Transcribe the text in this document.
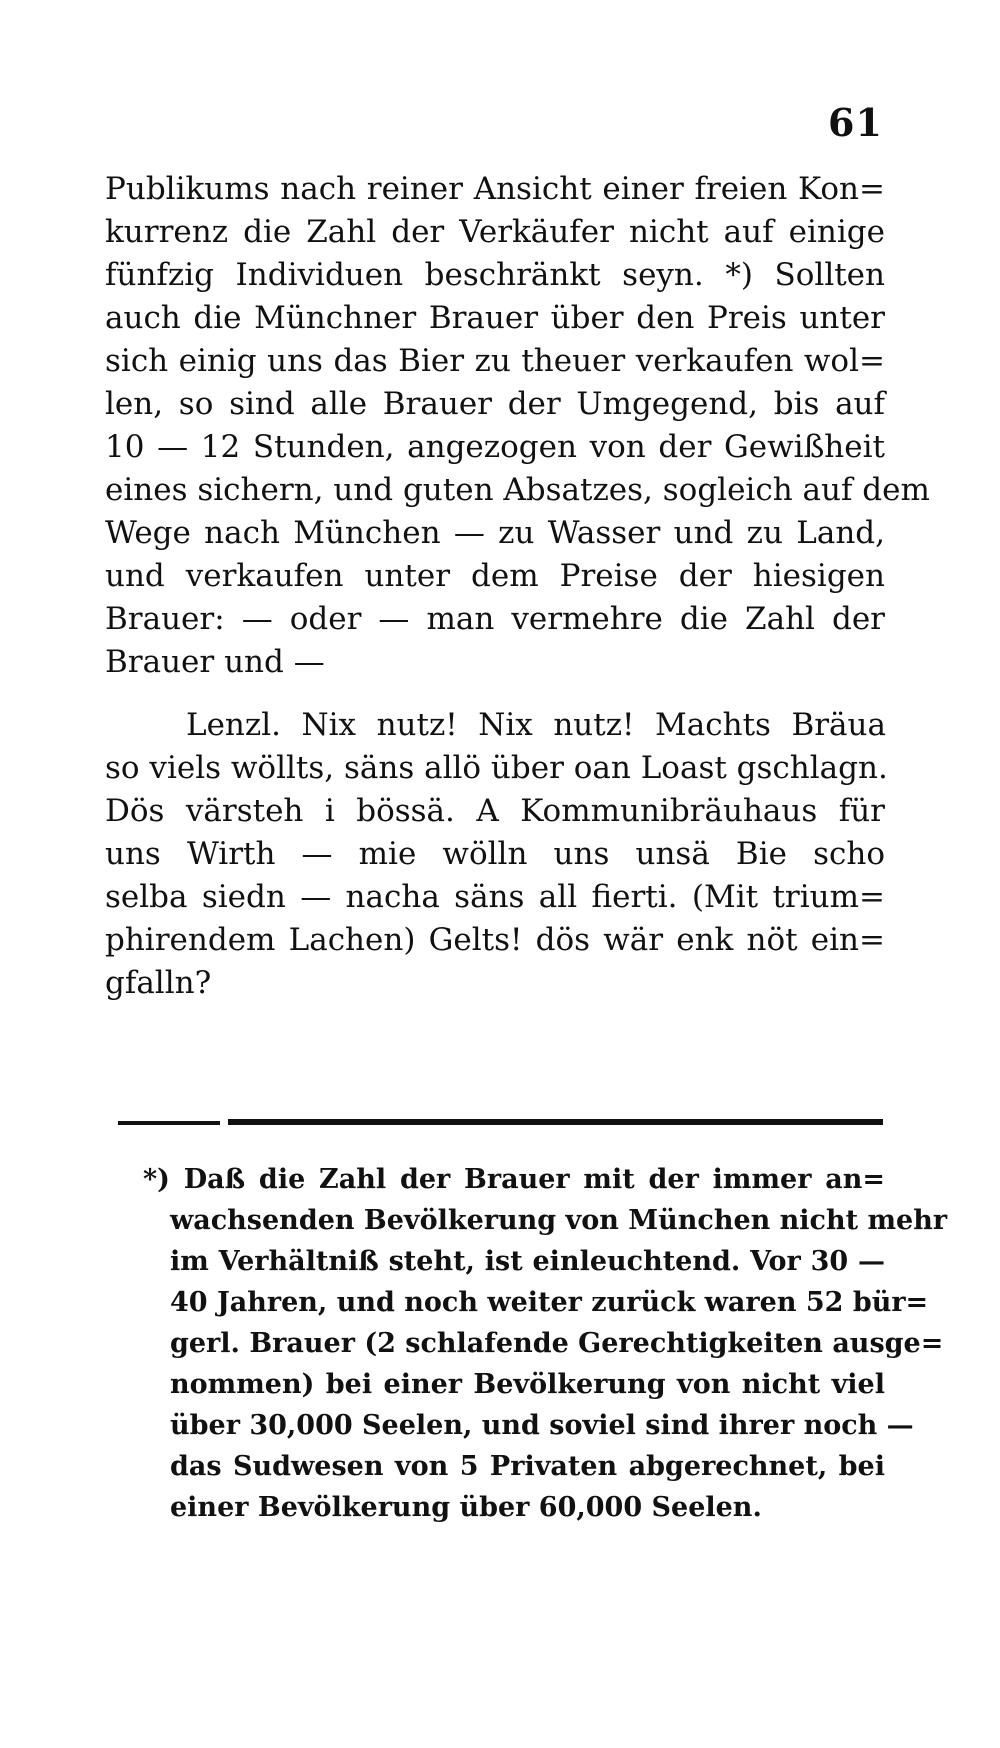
61
Publikums nach reiner Ansicht einer freien Kon=
kurrenz die Zahl der Verkäufer nicht auf einige
fünfzig Individuen beschränkt seyn. *) Sollten
auch die Münchner Brauer über den Preis unter
sich einig uns das Bier zu theuer verkaufen wol=
len, so sind alle Brauer der Umgegend, bis auf
10 — 12 Stunden, angezogen von der Gewißheit
eines sichern, und guten Absatzes, sogleich auf dem
Wege nach München — zu Wasser und zu Land,
und verkaufen unter dem Preise der hiesigen
Brauer: — oder — man vermehre die Zahl der
Brauer und —
Lenzl. Nix nutz! Nix nutz! Machts Bräua
so viels wöllts, säns allö über oan Loast gschlagn.
Dös värsteh i bössä. A Kommunibräuhaus für
uns Wirth — mie wölln uns unsä Bie scho
selba siedn — nacha säns all fierti. (Mit trium=
phirendem Lachen) Gelts! dös wär enk nöt ein=
gfalln?
*) Daß die Zahl der Brauer mit der immer an=
wachsenden Bevölkerung von München nicht mehr
im Verhältniß steht, ist einleuchtend. Vor 30 —
40 Jahren, und noch weiter zurück waren 52 bür=
gerl. Brauer (2 schlafende Gerechtigkeiten ausge=
nommen) bei einer Bevölkerung von nicht viel
über 30,000 Seelen, und soviel sind ihrer noch —
das Sudwesen von 5 Privaten abgerechnet, bei
einer Bevölkerung über 60,000 Seelen.
